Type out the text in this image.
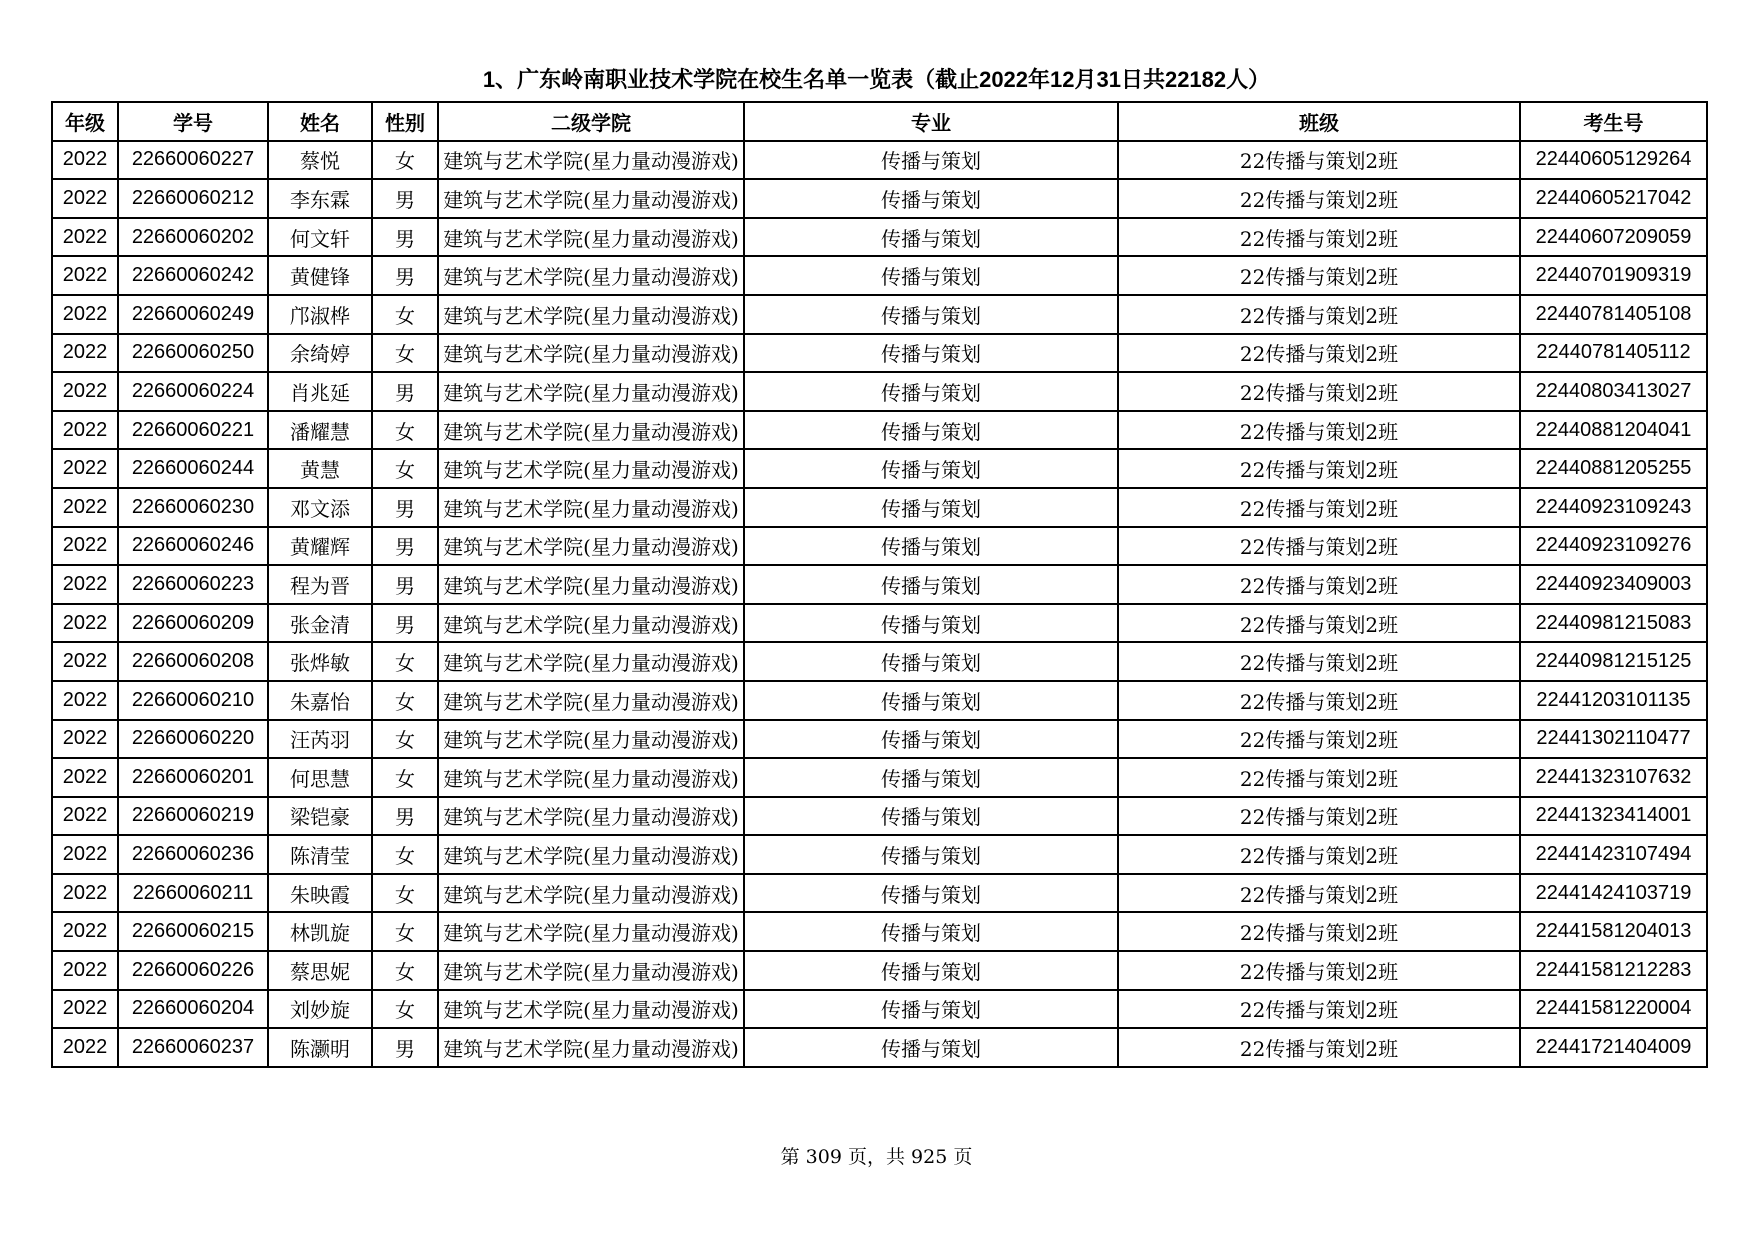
1、广东岭南职业技术学院在校生名单一览表（截止2022年12月31日共22182人）
年级	学号	姓名	性别	二级学院	专业	班级	考生号
2022	22660060227	蔡悦	女	建筑与艺术学院(星力量动漫游戏)	传播与策划	22传播与策划2班	22440605129264
2022	22660060212	李东霖	男	建筑与艺术学院(星力量动漫游戏)	传播与策划	22传播与策划2班	22440605217042
2022	22660060202	何文轩	男	建筑与艺术学院(星力量动漫游戏)	传播与策划	22传播与策划2班	22440607209059
2022	22660060242	黄健锋	男	建筑与艺术学院(星力量动漫游戏)	传播与策划	22传播与策划2班	22440701909319
2022	22660060249	邝淑桦	女	建筑与艺术学院(星力量动漫游戏)	传播与策划	22传播与策划2班	22440781405108
2022	22660060250	余绮婷	女	建筑与艺术学院(星力量动漫游戏)	传播与策划	22传播与策划2班	22440781405112
2022	22660060224	肖兆延	男	建筑与艺术学院(星力量动漫游戏)	传播与策划	22传播与策划2班	22440803413027
2022	22660060221	潘耀慧	女	建筑与艺术学院(星力量动漫游戏)	传播与策划	22传播与策划2班	22440881204041
2022	22660060244	黄慧	女	建筑与艺术学院(星力量动漫游戏)	传播与策划	22传播与策划2班	22440881205255
2022	22660060230	邓文添	男	建筑与艺术学院(星力量动漫游戏)	传播与策划	22传播与策划2班	22440923109243
2022	22660060246	黄耀辉	男	建筑与艺术学院(星力量动漫游戏)	传播与策划	22传播与策划2班	22440923109276
2022	22660060223	程为晋	男	建筑与艺术学院(星力量动漫游戏)	传播与策划	22传播与策划2班	22440923409003
2022	22660060209	张金清	男	建筑与艺术学院(星力量动漫游戏)	传播与策划	22传播与策划2班	22440981215083
2022	22660060208	张烨敏	女	建筑与艺术学院(星力量动漫游戏)	传播与策划	22传播与策划2班	22440981215125
2022	22660060210	朱嘉怡	女	建筑与艺术学院(星力量动漫游戏)	传播与策划	22传播与策划2班	22441203101135
2022	22660060220	汪芮羽	女	建筑与艺术学院(星力量动漫游戏)	传播与策划	22传播与策划2班	22441302110477
2022	22660060201	何思慧	女	建筑与艺术学院(星力量动漫游戏)	传播与策划	22传播与策划2班	22441323107632
2022	22660060219	梁铠豪	男	建筑与艺术学院(星力量动漫游戏)	传播与策划	22传播与策划2班	22441323414001
2022	22660060236	陈清莹	女	建筑与艺术学院(星力量动漫游戏)	传播与策划	22传播与策划2班	22441423107494
2022	22660060211	朱映霞	女	建筑与艺术学院(星力量动漫游戏)	传播与策划	22传播与策划2班	22441424103719
2022	22660060215	林凯旋	女	建筑与艺术学院(星力量动漫游戏)	传播与策划	22传播与策划2班	22441581204013
2022	22660060226	蔡思妮	女	建筑与艺术学院(星力量动漫游戏)	传播与策划	22传播与策划2班	22441581212283
2022	22660060204	刘妙旋	女	建筑与艺术学院(星力量动漫游戏)	传播与策划	22传播与策划2班	22441581220004
2022	22660060237	陈灏明	男	建筑与艺术学院(星力量动漫游戏)	传播与策划	22传播与策划2班	22441721404009
第 309 页，共 925 页
